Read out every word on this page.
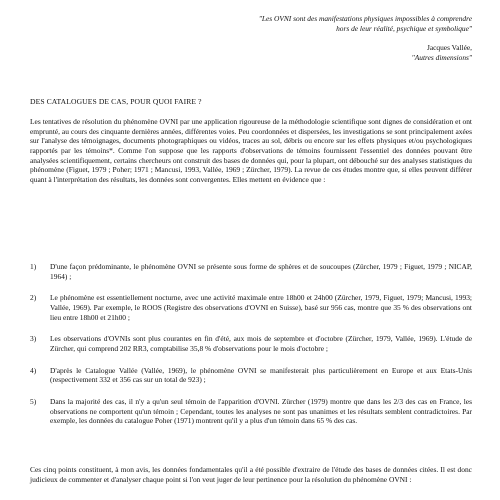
"Les OVNI sont des manifestations physiques impossibles à comprendre hors de leur réalité, psychique et symbolique"
Jacques Vallée,
"Autres dimensions"
DES CATALOGUES DE CAS, POUR QUOI FAIRE ?

Les tentatives de résolution du phénomène OVNI par une application rigoureuse de la méthodologie scientifique sont dignes de considération et ont emprunté, au cours des cinquante dernières années, différentes voies. Peu coordonnées et dispersées, les investigations se sont principalement axées sur l'analyse des témoignages, documents photographiques ou vidéos, traces au sol, débris ou encore sur les effets physiques et/ou psychologiques rapportés par les témoins*. Comme l'on suppose que les rapports d'observations de témoins fournissent l'essentiel des données pouvant être analysées scientifiquement, certains chercheurs ont construit des bases de données qui, pour la plupart, ont débouché sur des analyses statistiques du phénomène (Figuet, 1979 ; Poher; 1971 ; Mancusi, 1993, Vallée, 1969 ; Zürcher, 1979). La revue de ces études montre que, si elles peuvent différer quant à l'interprétation des résultats, les données sont convergentes. Elles mettent en évidence que :

1)	D'une façon prédominante, le phénomène OVNI se présente sous forme de sphères et de soucoupes (Zürcher, 1979 ; Figuet, 1979 ; NICAP, 1964) ;
2)	Le phénomène est essentiellement nocturne, avec une activité maximale entre 18h00 et 24h00 (Zürcher, 1979, Figuet, 1979; Mancusi, 1993; Vallée, 1969). Par exemple, le ROOS (Registre des observations d'OVNI en Suisse), basé sur 956 cas, montre que 35 % des observations ont lieu entre 18h00 et 21h00 ;
3)	Les observations d'OVNIs sont plus courantes en fin d'été, aux mois de septembre et d'octobre (Zürcher, 1979, Vallée, 1969). L'étude de Zürcher, qui comprend 202 RR3, comptabilise 35,8 % d'observations pour le mois d'octobre ;
4)	D'après le Catalogue Vallée (Vallée, 1969), le phénomène OVNI se manifesterait plus particulièrement en Europe et aux Etats-Unis (respectivement 332 et 356 cas sur un total de 923) ;
5)	Dans la majorité des cas, il n'y a qu'un seul témoin de l'apparition d'OVNI. Zürcher (1979) montre que dans les 2/3 des cas en France, les observations ne comportent qu'un témoin ; Cependant, toutes les analyses ne sont pas unanimes et les résultats semblent contradictoires. Par exemple, les données du catalogue Poher (1971) montrent qu'il y a plus d'un témoin dans 65 % des cas.
Ces cinq points constituent, à mon avis, les données fondamentales qu'il a été possible d'extraire de l'étude des bases de données citées. Il est donc judicieux de commenter et d'analyser chaque point si l'on veut juger de leur pertinence pour la résolution du phénomène OVNI :
